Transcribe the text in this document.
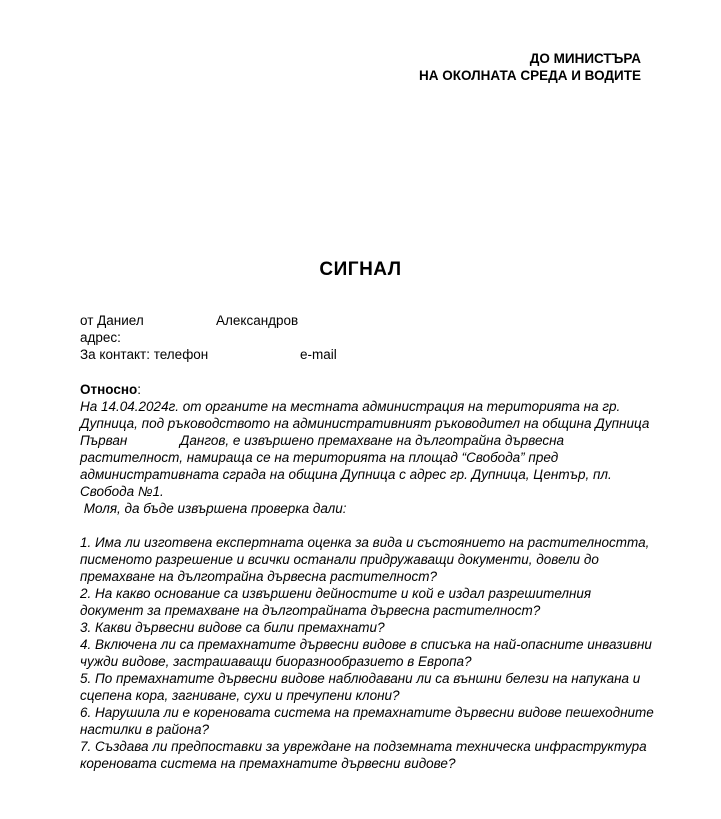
ДО МИНИСТЪРА
НА ОКОЛНАТА СРЕДА И ВОДИТЕ
СИГНАЛ
от Даниел	Александров
адрес:
За контакт: телефон	e-mail
Относно:
На 14.04.2024г. от органите на местната администрация на територията на гр.
Дупница, под ръководството на административният ръководител на община Дупница
Първан              Дангов, е извършено премахване на дълготрайна дървесна
растителност, намираща се на територията на площад “Свобода” пред
административната сграда на община Дупница с адрес гр. Дупница, Център, пл.
Свобода №1.
Моля, да бъде извършена проверка дали:
1. Има ли изготвена експертната оценка за вида и състоянието на растителността,
писменото разрешение и всички останали придружаващи документи, довели до
премахване на дълготрайна дървесна растителност?
2. На какво основание са извършени дейностите и кой е издал разрешителния
документ за премахване на дълготрайната дървесна растителност?
3. Какви дървесни видове са били премахнати?
4. Включена ли са премахнатите дървесни видове в списъка на най-опасните инвазивни
чужди видове, застрашаващи биоразнообразието в Европа?
5. По премахнатите дървесни видове наблюдавани ли са външни белези на напукана и
сцепена кора, загниване, сухи и пречупени клони?
6. Нарушила ли е кореновата система на премахнатите дървесни видове пешеходните
настилки в района?
7. Създава ли предпоставки за увреждане на подземната техническа инфраструктура
кореновата система на премахнатите дървесни видове?
